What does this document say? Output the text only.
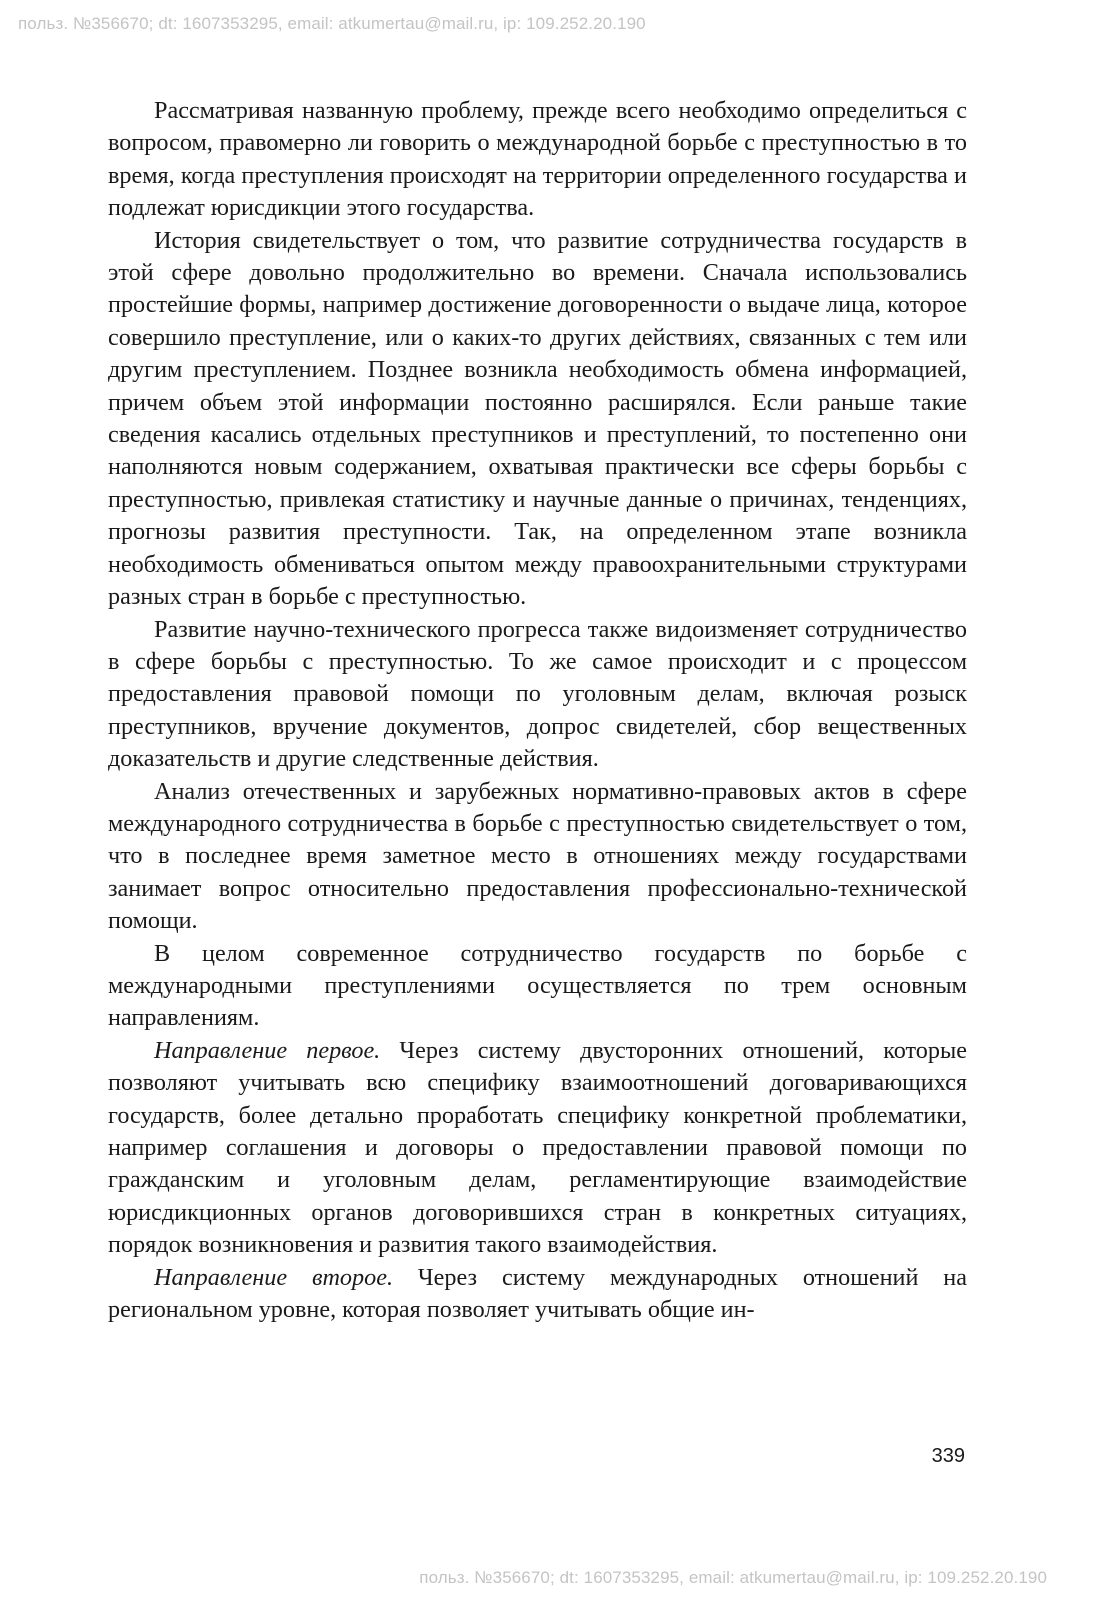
польз. №356670; dt: 1607353295, email: atkumertau@mail.ru, ip: 109.252.20.190

Рассматривая названную проблему, прежде всего необходимо определиться с вопросом, правомерно ли говорить о международной борьбе с преступностью в то время, когда преступления происходят на территории определенного государства и подлежат юрисдикции этого государства.

История свидетельствует о том, что развитие сотрудничества государств в этой сфере довольно продолжительно во времени. Сначала использовались простейшие формы, например достижение договоренности о выдаче лица, которое совершило преступление, или о каких-то других действиях, связанных с тем или другим преступлением. Позднее возникла необходимость обмена информацией, причем объем этой информации постоянно расширялся. Если раньше такие сведения касались отдельных преступников и преступлений, то постепенно они наполняются новым содержанием, охватывая практически все сферы борьбы с преступностью, привлекая статистику и научные данные о причинах, тенденциях, прогнозы развития преступности. Так, на определенном этапе возникла необходимость обмениваться опытом между правоохранительными структурами разных стран в борьбе с преступностью.

Развитие научно-технического прогресса также видоизменяет сотрудничество в сфере борьбы с преступностью. То же самое происходит и с процессом предоставления правовой помощи по уголовным делам, включая розыск преступников, вручение документов, допрос свидетелей, сбор вещественных доказательств и другие следственные действия.

Анализ отечественных и зарубежных нормативно-правовых актов в сфере международного сотрудничества в борьбе с преступностью свидетельствует о том, что в последнее время заметное место в отношениях между государствами занимает вопрос относительно предоставления профессионально-технической помощи.

В целом современное сотрудничество государств по борьбе с международными преступлениями осуществляется по трем основным направлениям.

Направление первое. Через систему двусторонних отношений, которые позволяют учитывать всю специфику взаимоотношений договаривающихся государств, более детально проработать специфику конкретной проблематики, например соглашения и договоры о предоставлении правовой помощи по гражданским и уголовным делам, регламентирующие взаимодействие юрисдикционных органов договорившихся стран в конкретных ситуациях, порядок возникновения и развития такого взаимодействия.

Направление второе. Через систему международных отношений на региональном уровне, которая позволяет учитывать общие ин-

339
польз. №356670; dt: 1607353295, email: atkumertau@mail.ru, ip: 109.252.20.190
